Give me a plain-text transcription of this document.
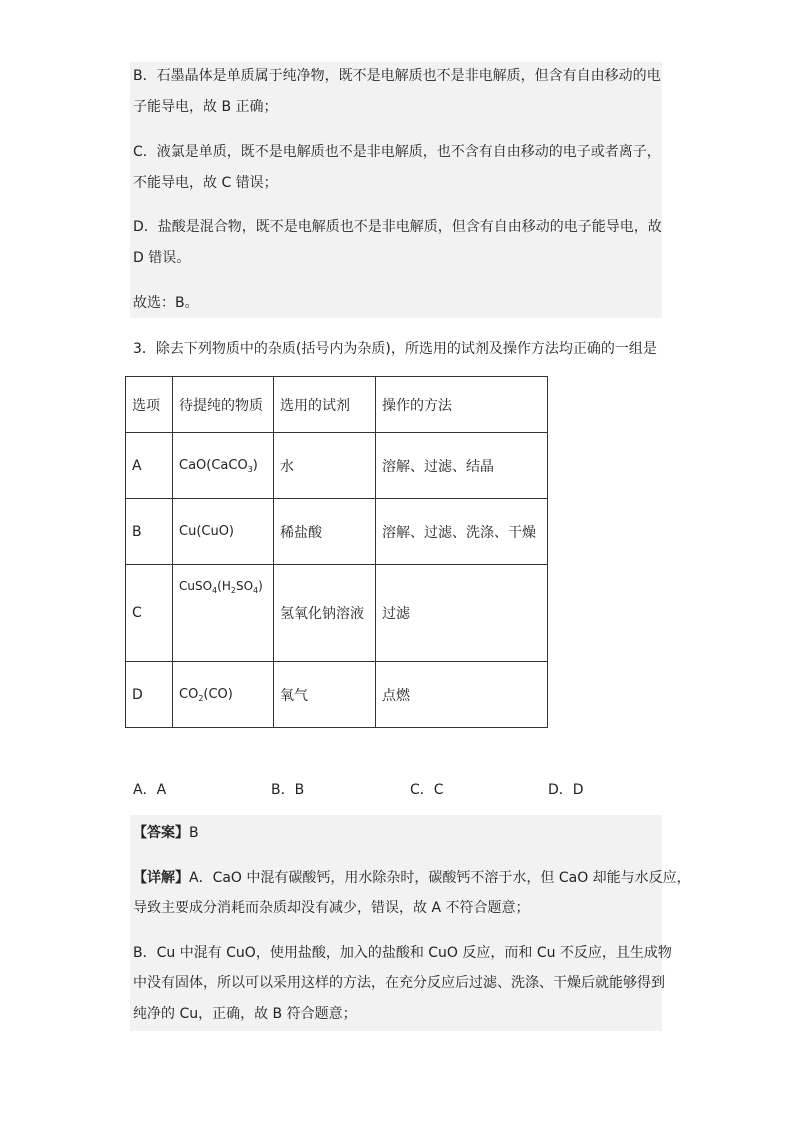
B．石墨晶体是单质属于纯净物，既不是电解质也不是非电解质，但含有自由移动的电
子能导电，故 B 正确；
C．液氯是单质，既不是电解质也不是非电解质，也不含有自由移动的电子或者离子，
不能导电，故 C 错误；
D．盐酸是混合物，既不是电解质也不是非电解质，但含有自由移动的电子能导电，故
D 错误。
故选：B。
3．除去下列物质中的杂质(括号内为杂质)，所选用的试剂及操作方法均正确的一组是
选项	待提纯的物质	选用的试剂	操作的方法
A	CaO(CaCO$_3$)	水	溶解、过滤、结晶
B	Cu(CuO)	稀盐酸	溶解、过滤、洗涤、干燥
C	$CuSO_4(H_2SO_4)$	氢氧化钠溶液	过滤
D	$CO_2(CO)$	氧气	点燃
A．A	B．B	C．C	D．D
【答案】B
【详解】A．CaO 中混有碳酸钙，用水除杂时，碳酸钙不溶于水，但 CaO 却能与水反应，
导致主要成分消耗而杂质却没有减少，错误，故 A 不符合题意；
B．Cu 中混有 CuO，使用盐酸，加入的盐酸和 CuO 反应，而和 Cu 不反应，且生成物
中没有固体，所以可以采用这样的方法，在充分反应后过滤、洗涤、干燥后就能够得到
纯净的 Cu，正确，故 B 符合题意；
